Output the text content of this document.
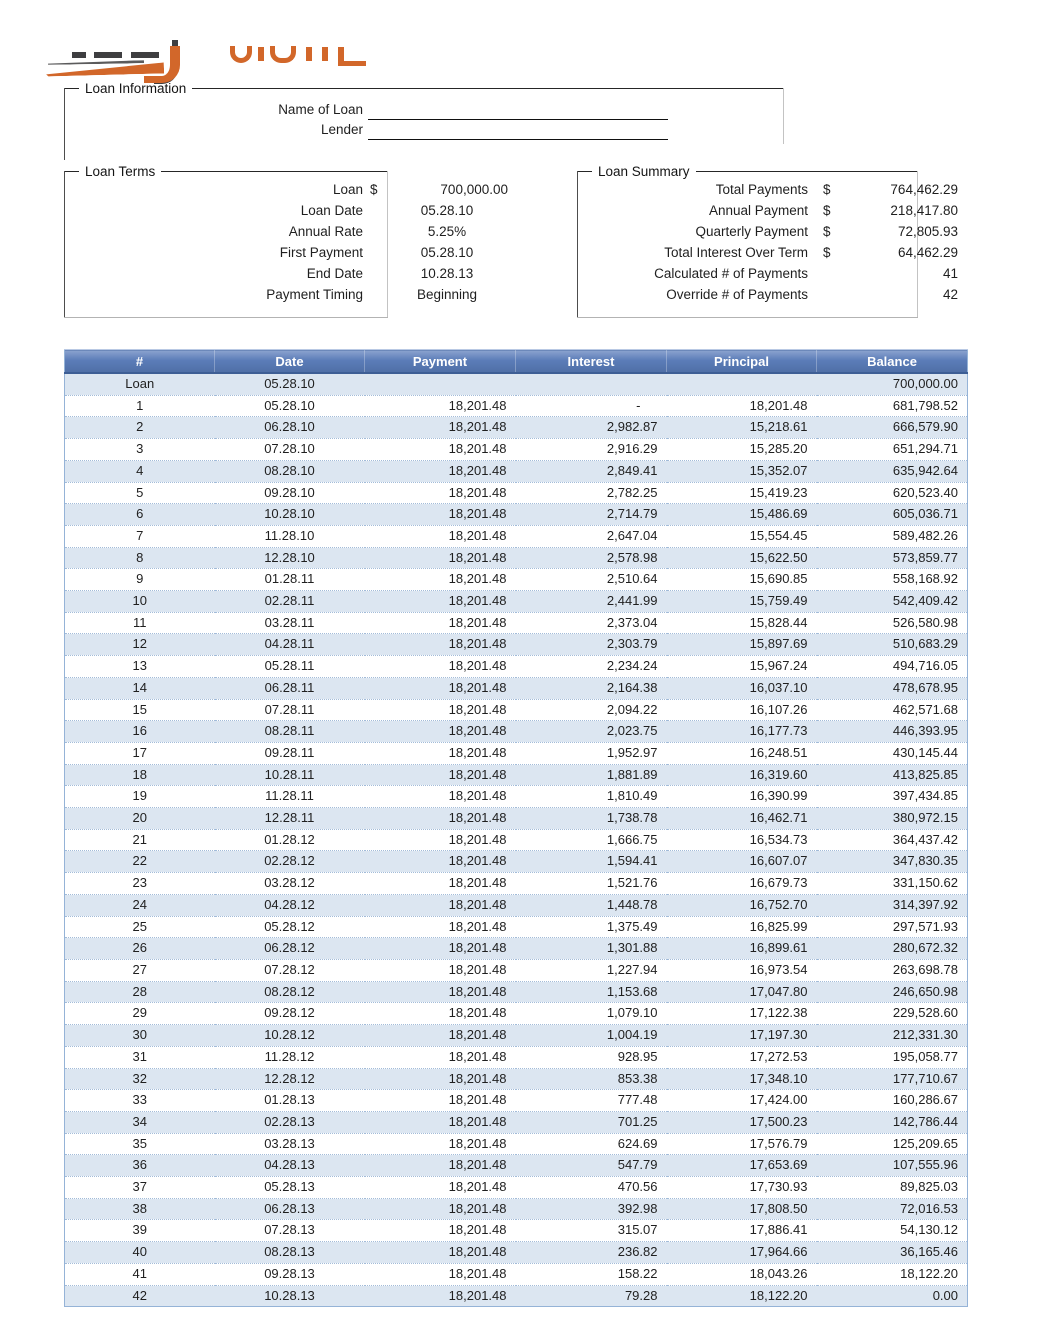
Loan Information
Name of Loan
Lender
Loan Terms
Loan $	700,000.00
Loan Date	05.28.10
Annual Rate	5.25%
First Payment	05.28.10
End Date	10.28.13
Payment Timing	Beginning
Loan Summary
Total Payments $	764,462.29
Annual Payment $	218,417.80
Quarterly Payment $	72,805.93
Total Interest Over Term $	64,462.29
Calculated # of Payments	41
Override # of Payments	42
#	Date	Payment	Interest	Principal	Balance
Loan	05.28.10				700,000.00
1	05.28.10	18,201.48	-	18,201.48	681,798.52
2	06.28.10	18,201.48	2,982.87	15,218.61	666,579.90
3	07.28.10	18,201.48	2,916.29	15,285.20	651,294.71
4	08.28.10	18,201.48	2,849.41	15,352.07	635,942.64
5	09.28.10	18,201.48	2,782.25	15,419.23	620,523.40
6	10.28.10	18,201.48	2,714.79	15,486.69	605,036.71
7	11.28.10	18,201.48	2,647.04	15,554.45	589,482.26
8	12.28.10	18,201.48	2,578.98	15,622.50	573,859.77
9	01.28.11	18,201.48	2,510.64	15,690.85	558,168.92
10	02.28.11	18,201.48	2,441.99	15,759.49	542,409.42
11	03.28.11	18,201.48	2,373.04	15,828.44	526,580.98
12	04.28.11	18,201.48	2,303.79	15,897.69	510,683.29
13	05.28.11	18,201.48	2,234.24	15,967.24	494,716.05
14	06.28.11	18,201.48	2,164.38	16,037.10	478,678.95
15	07.28.11	18,201.48	2,094.22	16,107.26	462,571.68
16	08.28.11	18,201.48	2,023.75	16,177.73	446,393.95
17	09.28.11	18,201.48	1,952.97	16,248.51	430,145.44
18	10.28.11	18,201.48	1,881.89	16,319.60	413,825.85
19	11.28.11	18,201.48	1,810.49	16,390.99	397,434.85
20	12.28.11	18,201.48	1,738.78	16,462.71	380,972.15
21	01.28.12	18,201.48	1,666.75	16,534.73	364,437.42
22	02.28.12	18,201.48	1,594.41	16,607.07	347,830.35
23	03.28.12	18,201.48	1,521.76	16,679.73	331,150.62
24	04.28.12	18,201.48	1,448.78	16,752.70	314,397.92
25	05.28.12	18,201.48	1,375.49	16,825.99	297,571.93
26	06.28.12	18,201.48	1,301.88	16,899.61	280,672.32
27	07.28.12	18,201.48	1,227.94	16,973.54	263,698.78
28	08.28.12	18,201.48	1,153.68	17,047.80	246,650.98
29	09.28.12	18,201.48	1,079.10	17,122.38	229,528.60
30	10.28.12	18,201.48	1,004.19	17,197.30	212,331.30
31	11.28.12	18,201.48	928.95	17,272.53	195,058.77
32	12.28.12	18,201.48	853.38	17,348.10	177,710.67
33	01.28.13	18,201.48	777.48	17,424.00	160,286.67
34	02.28.13	18,201.48	701.25	17,500.23	142,786.44
35	03.28.13	18,201.48	624.69	17,576.79	125,209.65
36	04.28.13	18,201.48	547.79	17,653.69	107,555.96
37	05.28.13	18,201.48	470.56	17,730.93	89,825.03
38	06.28.13	18,201.48	392.98	17,808.50	72,016.53
39	07.28.13	18,201.48	315.07	17,886.41	54,130.12
40	08.28.13	18,201.48	236.82	17,964.66	36,165.46
41	09.28.13	18,201.48	158.22	18,043.26	18,122.20
42	10.28.13	18,201.48	79.28	18,122.20	0.00
